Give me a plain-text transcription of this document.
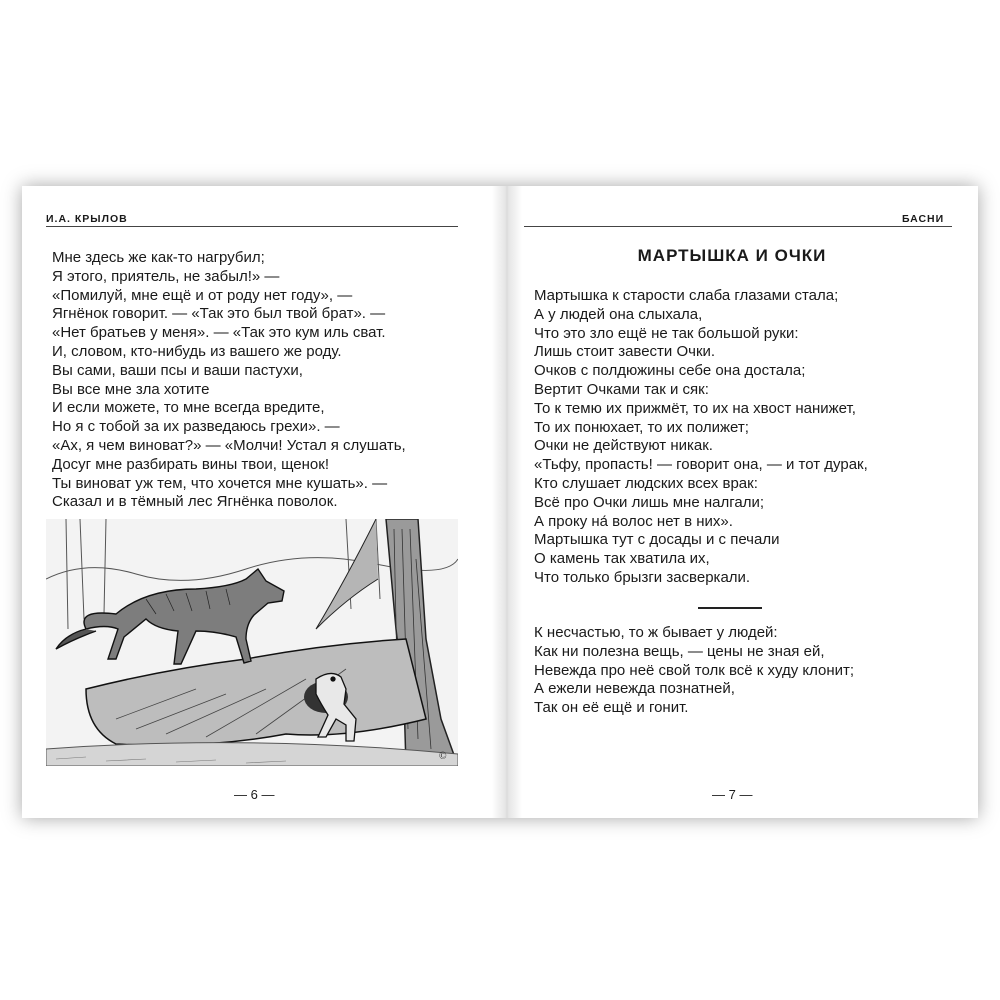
И.А. КРЫЛОВ
Мне здесь же как-то нагрубил;
Я этого, приятель, не забыл!» —
«Помилуй, мне ещё и от роду нет году», —
Ягнёнок говорит. — «Так это был твой брат». —
«Нет братьев у меня». — «Так это кум иль сват.
И, словом, кто-нибудь из вашего же роду.
Вы сами, ваши псы и ваши пастухи,
Вы все мне зла хотите
И если можете, то мне всегда вредите,
Но я с тобой за их разведаюсь грехи». —
«Ах, я чем виноват?» — «Молчи! Устал я слушать,
Досуг мне разбирать вины твои, щенок!
Ты виноват уж тем, что хочется мне кушать». —
Сказал и в тёмный лес Ягнёнка поволок.
©
— 6 —
БАСНИ
МАРТЫШКА И ОЧКИ
Мартышка к старости слаба глазами стала;
А у людей она слыхала,
Что это зло ещё не так большой руки:
Лишь стоит завести Очки.
Очков с полдюжины себе она достала;
Вертит Очками так и сяк:
То к темю их прижмёт, то их на хвост нанижет,
То их понюхает, то их полижет;
Очки не действуют никак.
«Тьфу, пропасть! — говорит она, — и тот дурак,
Кто слушает людских всех врак:
Всё про Очки лишь мне налгали;
А проку на́ волос нет в них».
Мартышка тут с досады и с печали
О камень так хватила их,
Что только брызги засверкали.
К несчастью, то ж бывает у людей:
Как ни полезна вещь, — цены не зная ей,
Невежда про неё свой толк всё к худу клонит;
А ежели невежда познатней,
Так он её ещё и гонит.
— 7 —
